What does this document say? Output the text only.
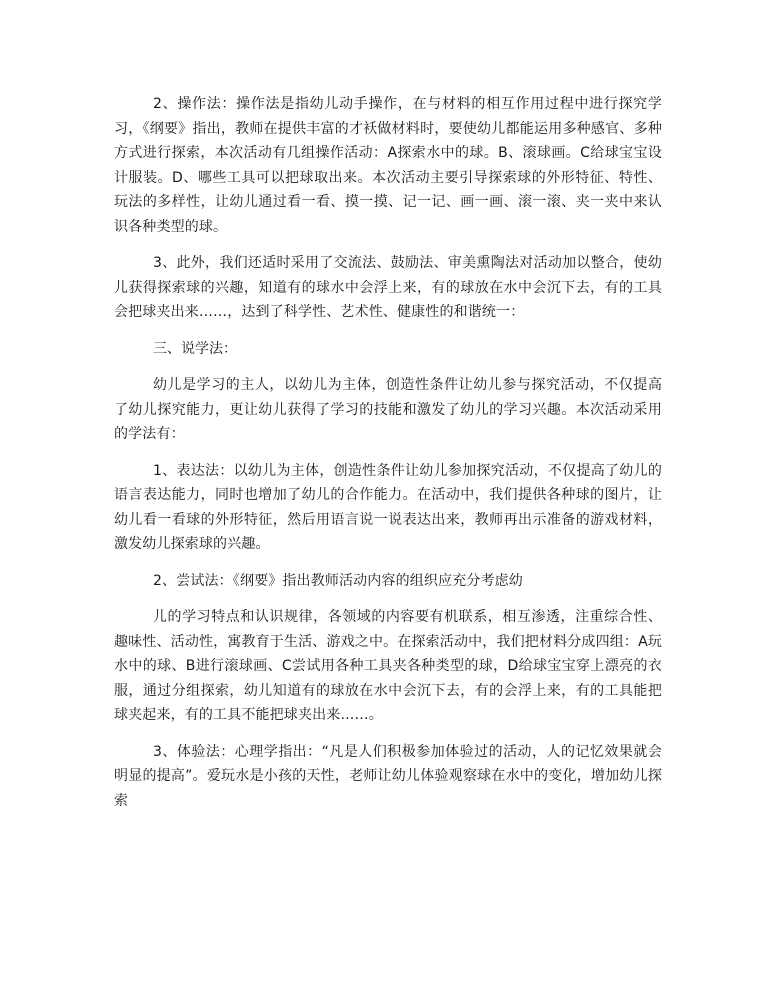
2、操作法：操作法是指幼儿动手操作，在与材料的相互作用过程中进行探究学习，《纲要》指出，教师在提供丰富的才袄做材料时，要使幼儿都能运用多种感官、多种方式进行探索，本次活动有几组操作活动：A探索水中的球。B、滚球画。C给球宝宝设计服装。D、哪些工具可以把球取出来。本次活动主要引导探索球的外形特征、特性、玩法的多样性，让幼儿通过看一看、摸一摸、记一记、画一画、滚一滚、夹一夹中来认识各种类型的球。

3、此外，我们还适时采用了交流法、鼓励法、审美熏陶法对活动加以整合，使幼儿获得探索球的兴趣，知道有的球水中会浮上来，有的球放在水中会沉下去，有的工具会把球夹出来……，达到了科学性、艺术性、健康性的和谐统一：

三、说学法：

幼儿是学习的主人，以幼儿为主体，创造性条件让幼儿参与探究活动，不仅提高了幼儿探究能力，更让幼儿获得了学习的技能和激发了幼儿的学习兴趣。本次活动采用的学法有：

1、表达法：以幼儿为主体，创造性条件让幼儿参加探究活动，不仅提高了幼儿的语言表达能力，同时也增加了幼儿的合作能力。在活动中，我们提供各种球的图片，让幼儿看一看球的外形特征，然后用语言说一说表达出来，教师再出示准备的游戏材料，激发幼儿探索球的兴趣。

2、尝试法：《纲要》指出教师活动内容的组织应充分考虑幼

儿的学习特点和认识规律，各领域的内容要有机联系，相互渗透，注重综合性、趣味性、活动性，寓教育于生活、游戏之中。在探索活动中，我们把材料分成四组：A玩水中的球、B进行滚球画、C尝试用各种工具夹各种类型的球，D给球宝宝穿上漂亮的衣服，通过分组探索，幼儿知道有的球放在水中会沉下去，有的会浮上来，有的工具能把球夹起来，有的工具不能把球夹出来……。

3、体验法：心理学指出：“凡是人们积极参加体验过的活动，人的记忆效果就会明显的提高”。爱玩水是小孩的天性，老师让幼儿体验观察球在水中的变化，增加幼儿探索
